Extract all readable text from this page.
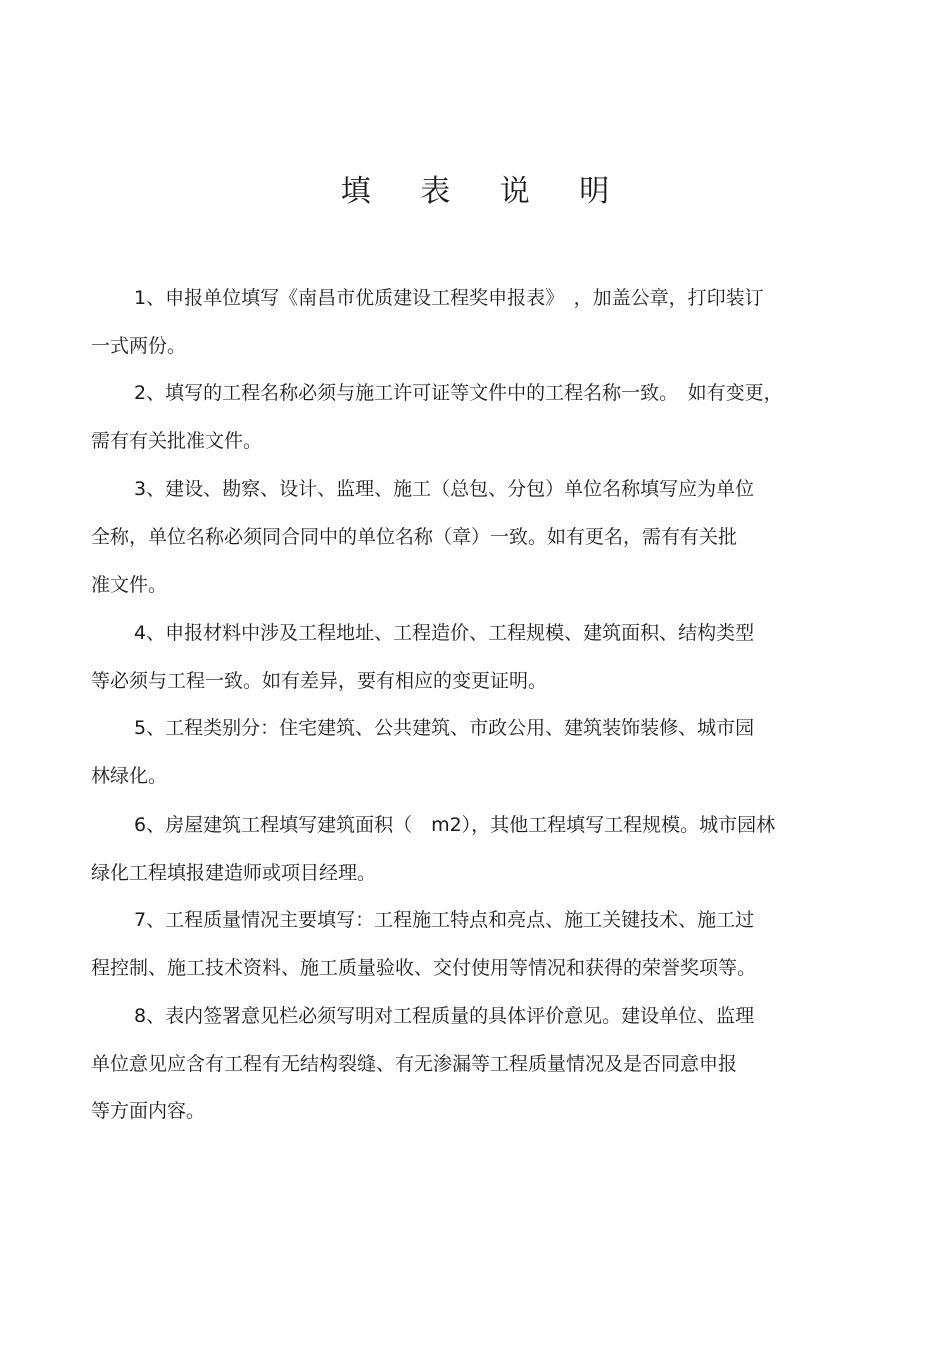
填 表 说 明
1、申报单位填写《南昌市优质建设工程奖申报表》　，加盖公章，打印装订
一式两份。
2、填写的工程名称必须与施工许可证等文件中的工程名称一致。　如有变更，
需有有关批准文件。
3、建设、勘察、设计、监理、施工（总包、分包）单位名称填写应为单位
全称，单位名称必须同合同中的单位名称（章）一致。如有更名，需有有关批
准文件。
4、申报材料中涉及工程地址、工程造价、工程规模、建筑面积、结构类型
等必须与工程一致。如有差异，要有相应的变更证明。
5、工程类别分：住宅建筑、公共建筑、市政公用、建筑装饰装修、城市园
林绿化。
6、房屋建筑工程填写建筑面积（　m2），其他工程填写工程规模。城市园林
绿化工程填报建造师或项目经理。
7、工程质量情况主要填写：工程施工特点和亮点、施工关键技术、施工过
程控制、施工技术资料、施工质量验收、交付使用等情况和获得的荣誉奖项等。
8、表内签署意见栏必须写明对工程质量的具体评价意见。建设单位、监理
单位意见应含有工程有无结构裂缝、有无渗漏等工程质量情况及是否同意申报
等方面内容。
